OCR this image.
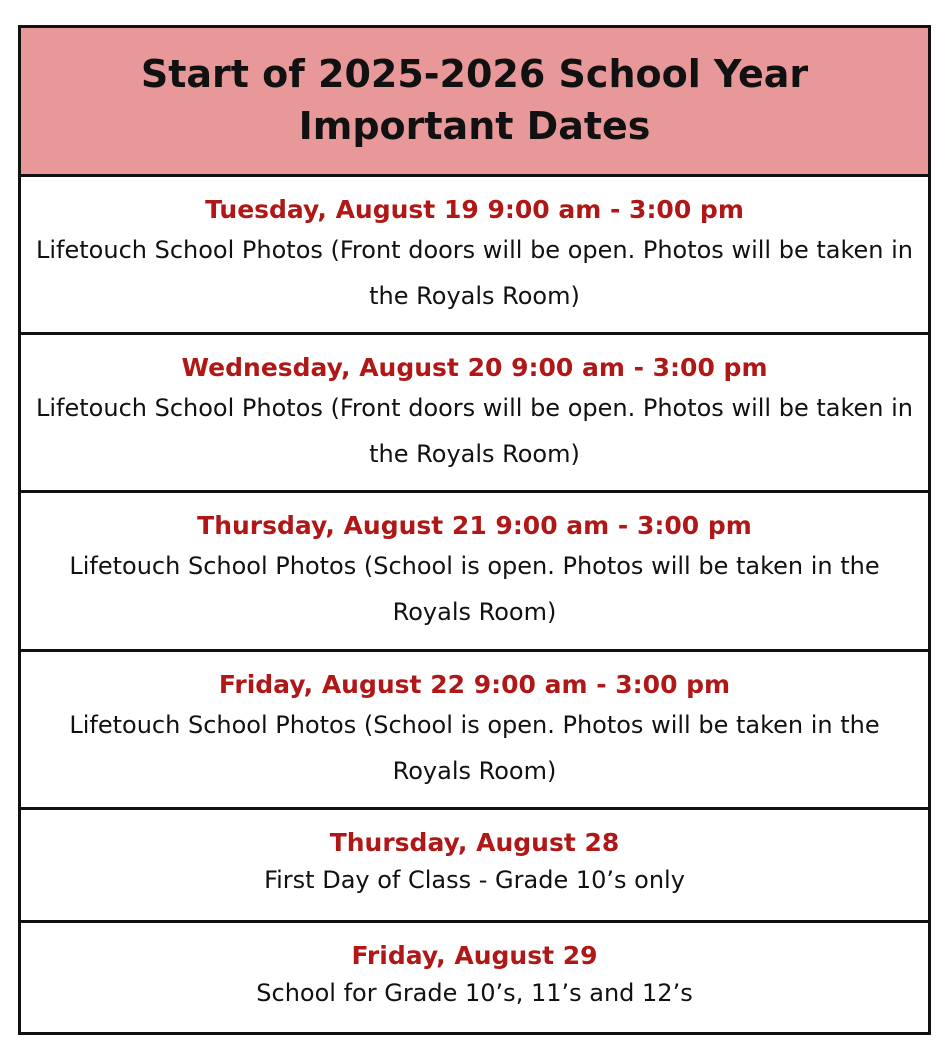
Start of 2025-2026 School Year
Important Dates
Tuesday, August 19 9:00 am - 3:00 pm
Lifetouch School Photos (Front doors will be open. Photos will be taken in the Royals Room)
Wednesday, August 20 9:00 am - 3:00 pm
Lifetouch School Photos (Front doors will be open. Photos will be taken in the Royals Room)
Thursday, August 21 9:00 am - 3:00 pm
Lifetouch School Photos (School is open. Photos will be taken in the Royals Room)
Friday, August 22 9:00 am - 3:00 pm
Lifetouch School Photos (School is open. Photos will be taken in the Royals Room)
Thursday, August 28
First Day of Class - Grade 10’s only
Friday, August 29
School for Grade 10’s, 11’s and 12’s
